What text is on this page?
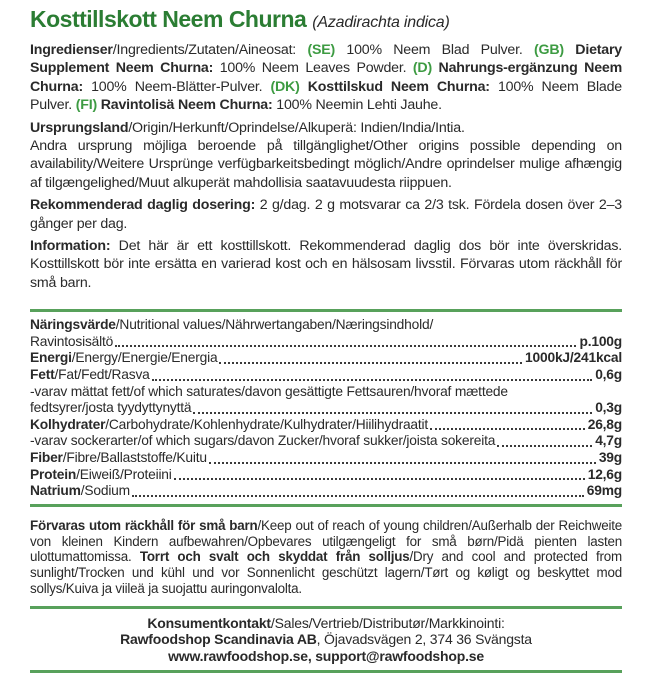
Kosttillskott Neem Churna (Azadirachta indica)

Ingredienser/Ingredients/Zutaten/Aineosat: (SE) 100% Neem Blad Pulver. (GB) Dietary Supplement Neem Churna: 100% Neem Leaves Powder. (D) Nahrungs-ergänzung Neem Churna: 100% Neem-Blätter-Pulver. (DK) Kosttilskud Neem Churna: 100% Neem Blade Pulver. (FI) Ravintolisä Neem Churna: 100% Neemin Lehti Jauhe.

Ursprungsland/Origin/Herkunft/Oprindelse/Alkuperä: Indien/India/Intia.
Andra ursprung möjliga beroende på tillgänglighet/Other origins possible depending on availability/Weitere Ursprünge verfügbarkeitsbedingt möglich/Andre oprindelser mulige afhængig af tilgængelighed/Muut alkuperät mahdollisia saatavuudesta riippuen.

Rekommenderad daglig dosering: 2 g/dag. 2 g motsvarar ca 2/3 tsk. Fördela dosen över 2–3 gånger per dag.

Information: Det här är ett kosttillskott. Rekommenderad daglig dos bör inte överskridas. Kosttillskott bör inte ersätta en varierad kost och en hälsosam livsstil. Förvaras utom räckhåll för små barn.

Näringsvärde/Nutritional values/Nährwertangaben/Næringsindhold/
Ravintosisältö	p.100g
Energi/Energy/Energie/Energia	1000kJ/241kcal
Fett/Fat/Fedt/Rasva	0,6g
-varav mättat fett/of which saturates/davon gesättigte Fettsauren/hvoraf mættede
fedtsyrer/josta tyydyttynyttä	0,3g
Kolhydrater/Carbohydrate/Kohlenhydrate/Kulhydrater/Hiilihydraatit	26,8g
-varav sockerarter/of which sugars/davon Zucker/hvoraf sukker/joista sokereita	4,7g
Fiber/Fibre/Ballaststoffe/Kuitu	39g
Protein/Eiweiß/Proteiini	12,6g
Natrium/Sodium	69mg

Förvaras utom räckhåll för små barn/Keep out of reach of young children/Außerhalb der Reichweite von kleinen Kindern aufbewahren/Opbevares utilgængeligt for små børn/Pidä pienten lasten ulottumattomissa. Torrt och svalt och skyddat från solljus/Dry and cool and protected from sunlight/Trocken und kühl und vor Sonnenlicht geschützt lagern/Tørt og køligt og beskyttet mod sollys/Kuiva ja viileä ja suojattu auringonvalolta.

Konsumentkontakt/Sales/Vertrieb/Distributør/Markkinointi:
Rawfoodshop Scandinavia AB, Öjavadsvägen 2, 374 36 Svängsta
www.rawfoodshop.se, support@rawfoodshop.se
